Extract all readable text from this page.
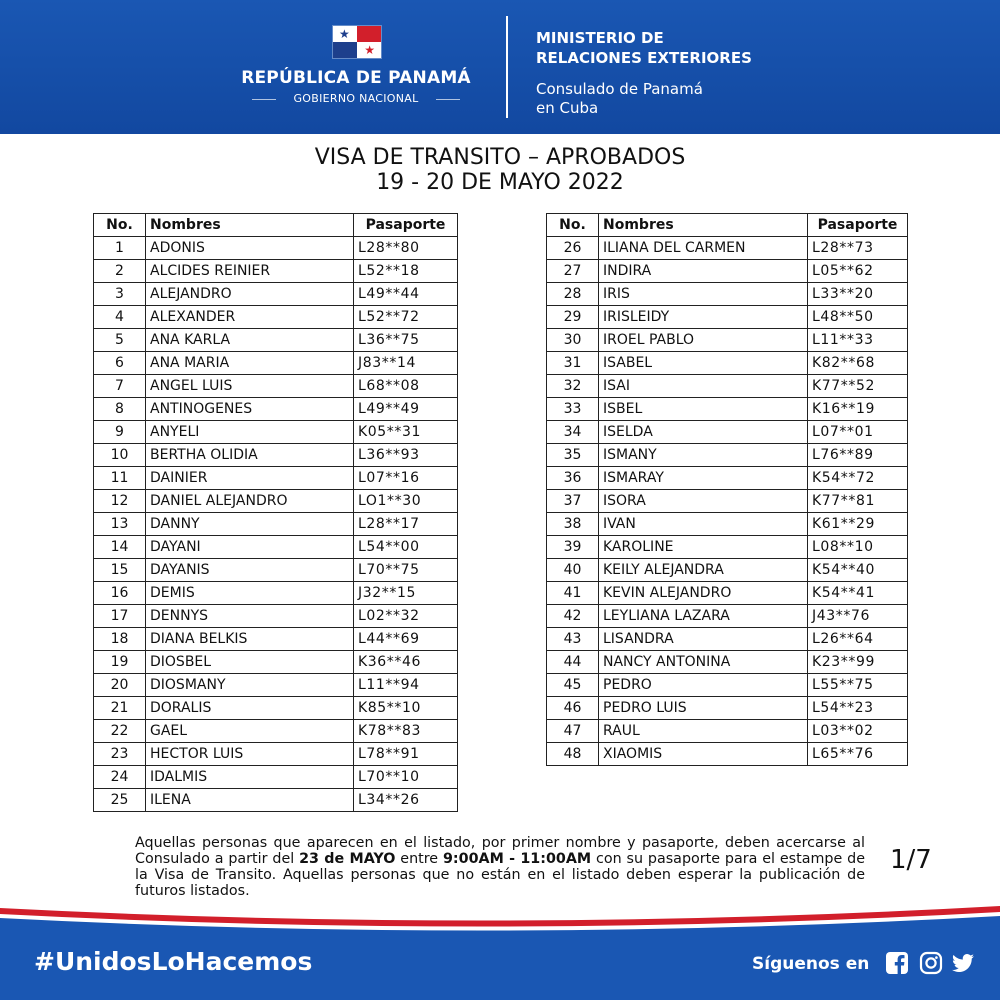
★
★
REPÚBLICA DE PANAMÁ
GOBIERNO NACIONAL
MINISTERIO DE
RELACIONES EXTERIORES
Consulado de Panamá
en Cuba
VISA DE TRANSITO – APROBADOS
19 - 20 DE MAYO 2022
No.	Nombres	Pasaporte
1	ADONIS	L28**80
2	ALCIDES REINIER	L52**18
3	ALEJANDRO	L49**44
4	ALEXANDER	L52**72
5	ANA KARLA	L36**75
6	ANA MARIA	J83**14
7	ANGEL LUIS	L68**08
8	ANTINOGENES	L49**49
9	ANYELI	K05**31
10	BERTHA OLIDIA	L36**93
11	DAINIER	L07**16
12	DANIEL ALEJANDRO	LO1**30
13	DANNY	L28**17
14	DAYANI	L54**00
15	DAYANIS	L70**75
16	DEMIS	J32**15
17	DENNYS	L02**32
18	DIANA BELKIS	L44**69
19	DIOSBEL	K36**46
20	DIOSMANY	L11**94
21	DORALIS	K85**10
22	GAEL	K78**83
23	HECTOR LUIS	L78**91
24	IDALMIS	L70**10
25	ILENA	L34**26
No.	Nombres	Pasaporte
26	ILIANA DEL CARMEN	L28**73
27	INDIRA	L05**62
28	IRIS	L33**20
29	IRISLEIDY	L48**50
30	IROEL PABLO	L11**33
31	ISABEL	K82**68
32	ISAI	K77**52
33	ISBEL	K16**19
34	ISELDA	L07**01
35	ISMANY	L76**89
36	ISMARAY	K54**72
37	ISORA	K77**81
38	IVAN	K61**29
39	KAROLINE	L08**10
40	KEILY ALEJANDRA	K54**40
41	KEVIN ALEJANDRO	K54**41
42	LEYLIANA LAZARA	J43**76
43	LISANDRA	L26**64
44	NANCY ANTONINA	K23**99
45	PEDRO	L55**75
46	PEDRO LUIS	L54**23
47	RAUL	L03**02
48	XIAOMIS	L65**76
Aquellas personas que aparecen en el listado, por primer nombre y pasaporte, deben acercarse al Consulado a partir del 23 de MAYO entre 9:00AM - 11:00AM con su pasaporte para el estampe de la Visa de Transito. Aquellas personas que no están en el listado deben esperar la publicación de futuros listados.
1/7
#UnidosLoHacemos	Síguenos en
